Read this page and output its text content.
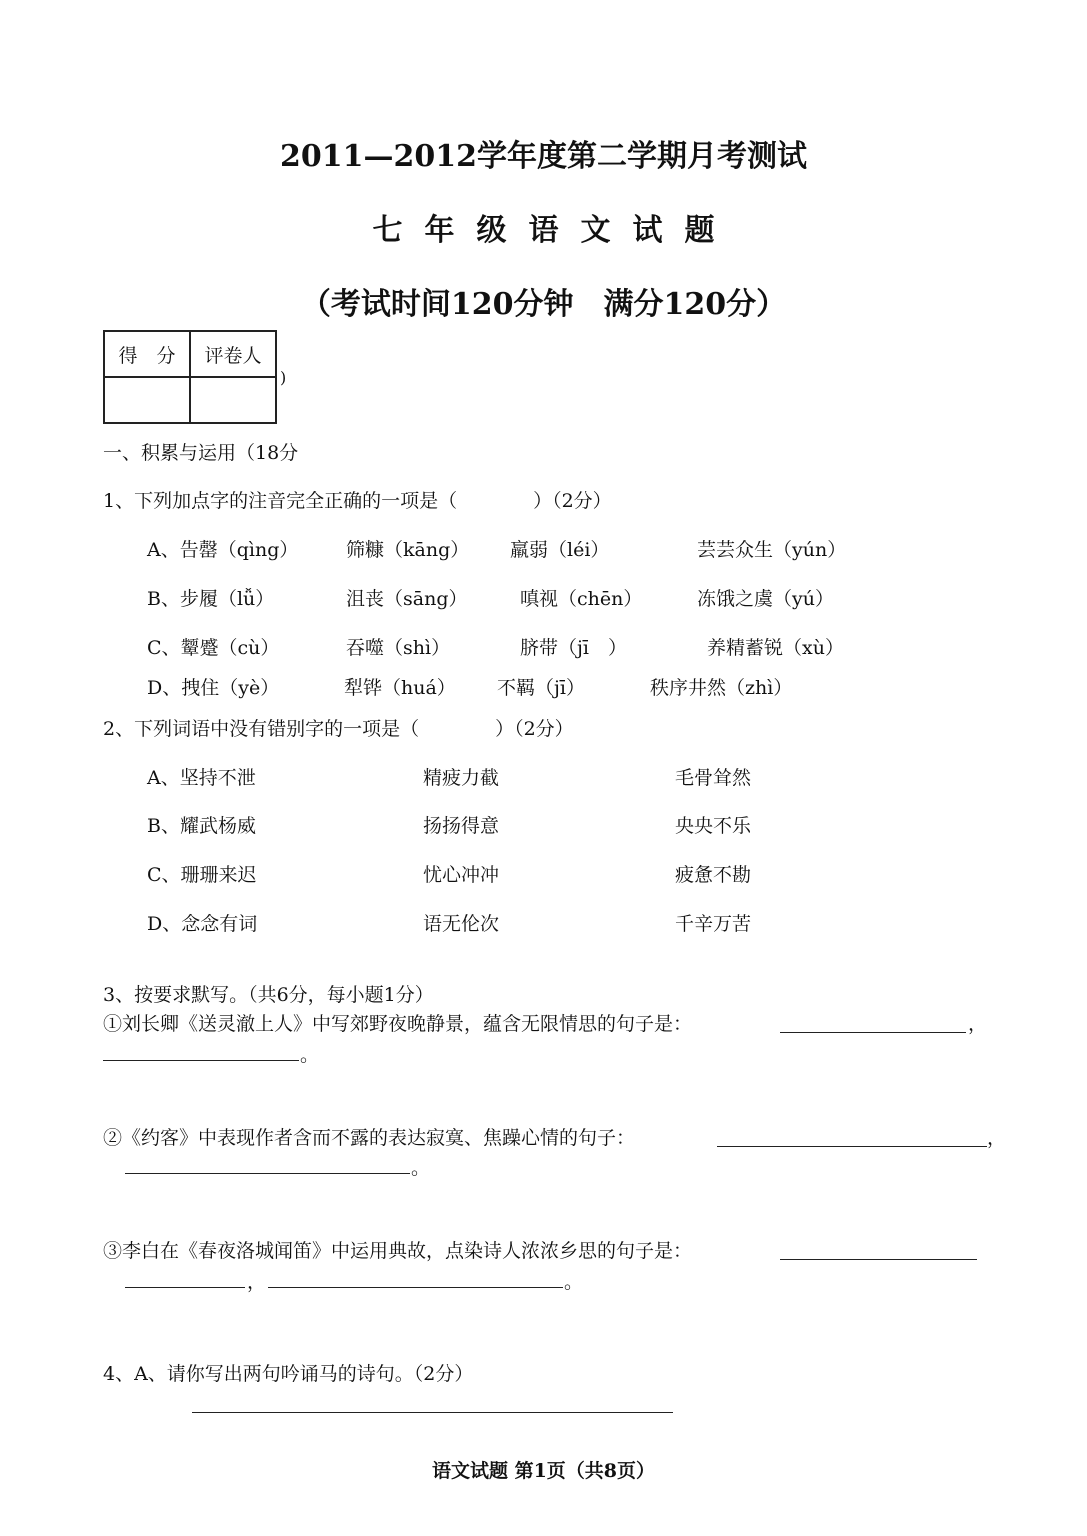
2011—2012学年度第二学期月考测试
七年级语文试题
（考试时间120分钟　满分120分）
得　分	评卷人

)
一、积累与运用（18分
1、下列加点字的注音完全正确的一项是（　　　　）（2分）
A、告罄（qìng）	筛糠（kāng） 羸弱（léi）	芸芸众生（yún）
B、步履（lǚ）	沮丧（sāng）	嗔视（chēn）	冻饿之虞（yú）
C、颦蹙（cù）	吞噬（shì）	脐带（jī　）	养精蓄锐（xù）
D、拽住（yè）	犁铧（huá） 不羁（jī）	秩序井然（zhì）
2、下列词语中没有错别字的一项是（　　　　）（2分）
A、坚持不泄	精疲力截	毛骨耸然
B、耀武杨威	扬扬得意	央央不乐
C、珊珊来迟	忧心冲冲	疲惫不勘
D、念念有词	语无伦次	千辛万苦
3、按要求默写。（共6分，每小题1分）
①刘长卿《送灵澈上人》中写郊野夜晚静景，蕴含无限情思的句子是：	，
。
②《约客》中表现作者含而不露的表达寂寞、焦躁心情的句子：	，
。
③李白在《春夜洛城闻笛》中运用典故，点染诗人浓浓乡思的句子是：
，	。
4、A、请你写出两句吟诵马的诗句。（2分）
语文试题 第1页（共8页）
